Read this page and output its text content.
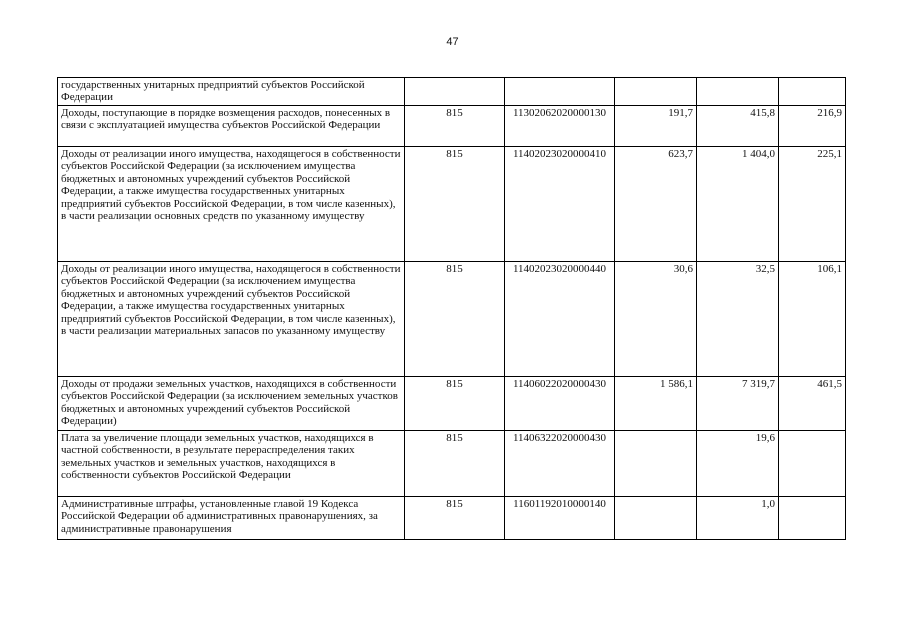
47
государственных унитарных предприятий субъектов Российской Федерации					
Доходы, поступающие в порядке возмещения расходов, понесенных в связи с эксплуатацией имущества субъектов Российской Федерации	815	11302062020000130	191,7	415,8	216,9
Доходы от реализации иного имущества, находящегося в собственности субъектов Российской Федерации (за исключением имущества бюджетных и автономных учреждений субъектов Российской Федерации, а также имущества государственных унитарных предприятий субъектов Российской Федерации, в том числе казенных), в части реализации основных средств по указанному имуществу	815	11402023020000410	623,7	1 404,0	225,1
Доходы от реализации иного имущества, находящегося в собственности субъектов Российской Федерации (за исключением имущества бюджетных и автономных учреждений субъектов Российской Федерации, а также имущества государственных унитарных предприятий субъектов Российской Федерации, в том числе казенных), в части реализации материальных запасов по указанному имуществу	815	11402023020000440	30,6	32,5	106,1
Доходы от продажи земельных участков, находящихся в собственности субъектов Российской Федерации (за исключением земельных участков бюджетных и автономных учреждений субъектов Российской Федерации)	815	11406022020000430	1 586,1	7 319,7	461,5
Плата за увеличение площади земельных участков, находящихся в частной собственности, в результате перераспределения таких земельных участков и земельных участков, находящихся в собственности субъектов Российской Федерации	815	11406322020000430		19,6	
Административные штрафы, установленные главой 19 Кодекса Российской Федерации об административных правонарушениях, за административные правонарушения	815	11601192010000140		1,0	
